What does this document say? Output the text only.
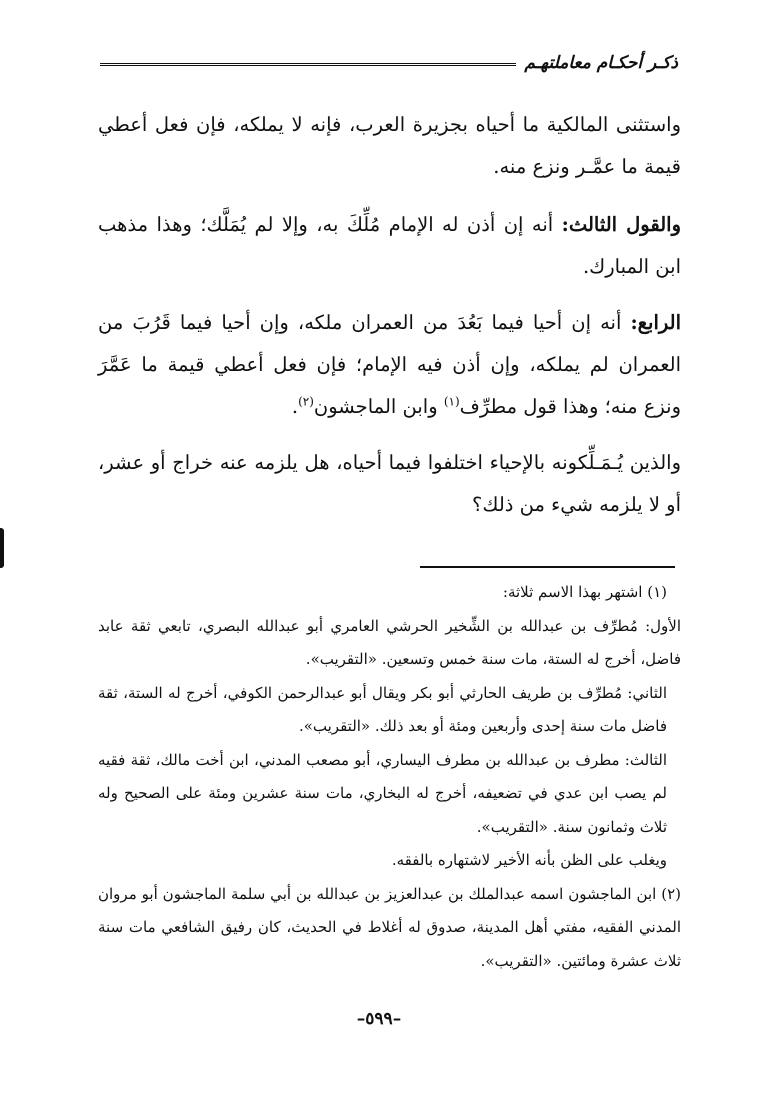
ذكـر أحكـام معاملتهـم

واستثنى المالكية ما أحياه بجزيرة العرب، فإنه لا يملكه، فإن فعل أعطي قيمة ما عمَّـر ونزع منه.

والقول الثالث: أنه إن أذن له الإمام مُلِّكَ به، وإلا لم يُمَلَّك؛ وهذا مذهب ابن المبارك.

الرابع: أنه إن أحيا فيما بَعُدَ من العمران ملكه، وإن أحيا فيما قَرُبَ من العمران لم يملكه، وإن أذن فيه الإمام؛ فإن فعل أعطي قيمة ما عَمَّرَ ونزع منه؛ وهذا قول مطرِّف$^{(١)}$ وابن الماجشون$^{(٢)}$.

والذين يُـمَـلِّكونه بالإحياء اختلفوا فيما أحياه، هل يلزمه عنه خراج أو عشر، أو لا يلزمه شيء من ذلك؟

(١) اشتهر بهذا الاسم ثلاثة:

الأول: مُطرِّف بن عبدالله بن الشِّخير الحرشي العامري أبو عبدالله البصري، تابعي ثقة عابد فاضل، أخرج له الستة، مات سنة خمس وتسعين. «التقريب».

الثاني: مُطرِّف بن طريف الحارثي أبو بكر ويقال أبو عبدالرحمن الكوفي، أخرج له الستة، ثقة فاضل مات سنة إحدى وأربعين ومئة أو بعد ذلك. «التقريب».

الثالث: مطرف بن عبدالله بن مطرف اليساري، أبو مصعب المدني، ابن أخت مالك، ثقة فقيه لم يصب ابن عدي في تضعيفه، أخرج له البخاري، مات سنة عشرين ومئة على الصحيح وله ثلاث وثمانون سنة. «التقريب».

ويغلب على الظن بأنه الأخير لاشتهاره بالفقه.

(٢) ابن الماجشون اسمه عبدالملك بن عبدالعزيز بن عبدالله بن أبي سلمة الماجشون أبو مروان المدني الفقيه، مفتي أهل المدينة، صدوق له أغلاط في الحديث، كان رفيق الشافعي مات سنة ثلاث عشرة ومائتين. «التقريب».

–٥٩٩–
